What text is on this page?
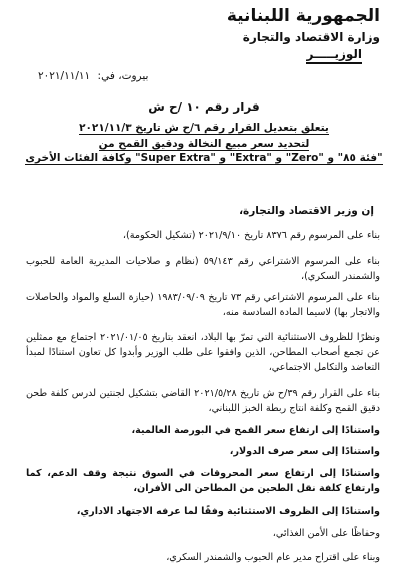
الجمهورية اللبنانية
وزارة الاقتصاد والتجارة
الوزيـــــر
بيروت، في: ٢٠٢١/١١/١١
قرار رقم ١٠ /ح ش
يتعلق بتعديل القرار رقم ٦/ح ش تاريخ ٢٠٢١/١١/٣
لتحديد سعر مبيع النخالة ودقيق القمح من
"فئة ٨٥" و "Zero" و "Extra" و "Super Extra" وكافة الفئات الأخرى
إن وزير الاقتصاد والتجارة،
بناء على المرسوم رقم ٨٣٧٦ تاريخ ٢٠٢١/٩/١٠ (تشكيل الحكومة)،
بناء على المرسوم الاشتراعي رقم ٥٩/١٤٣ (نظام و صلاحيات المديرية العامة للحبوب والشمندر السكري)،
بناء على المرسوم الاشتراعي رقم ٧٣ تاريخ ١٩٨٣/٠٩/٠٩ (حيازة السلع والمواد والحاصلات والاتجار بها) لاسيما المادة السادسة منه،
ونظرًا للظروف الاستثنائية التي تمرّ بها البلاد، انعقد بتاريخ ٢٠٢١/٠١/٠٥ اجتماع مع ممثلين عن تجمع أصحاب المطاحن، الذين وافقوا على طلب الوزير وأبدوا كل تعاون استنادًا لمبدأ التعاضد والتكامل الاجتماعي،
بناء على القرار رقم ٣٩/ح ش تاريخ ٢٠٢١/٥/٢٨ القاضي بتشكيل لجنتين لدرس كلفة طحن دقيق القمح وكلفة انتاج ربطة الخبز اللبناني،
واستنادًا إلى ارتفاع سعر القمح في البورصة العالمية،
واستنادًا إلى سعر صرف الدولار،
واستنادًا إلى ارتفاع سعر المحروقات في السوق نتيجة وقف الدعم، كما وارتفاع كلفة نقل الطحين من المطاحن الى الأفران،
واستنادًا إلى الظروف الاستثنائية وفقًا لما عرفه الاجتهاد الاداري،
وحفاظًا على الأمن الغذائي،
وبناء على اقتراح مدير عام الحبوب والشمندر السكري،
